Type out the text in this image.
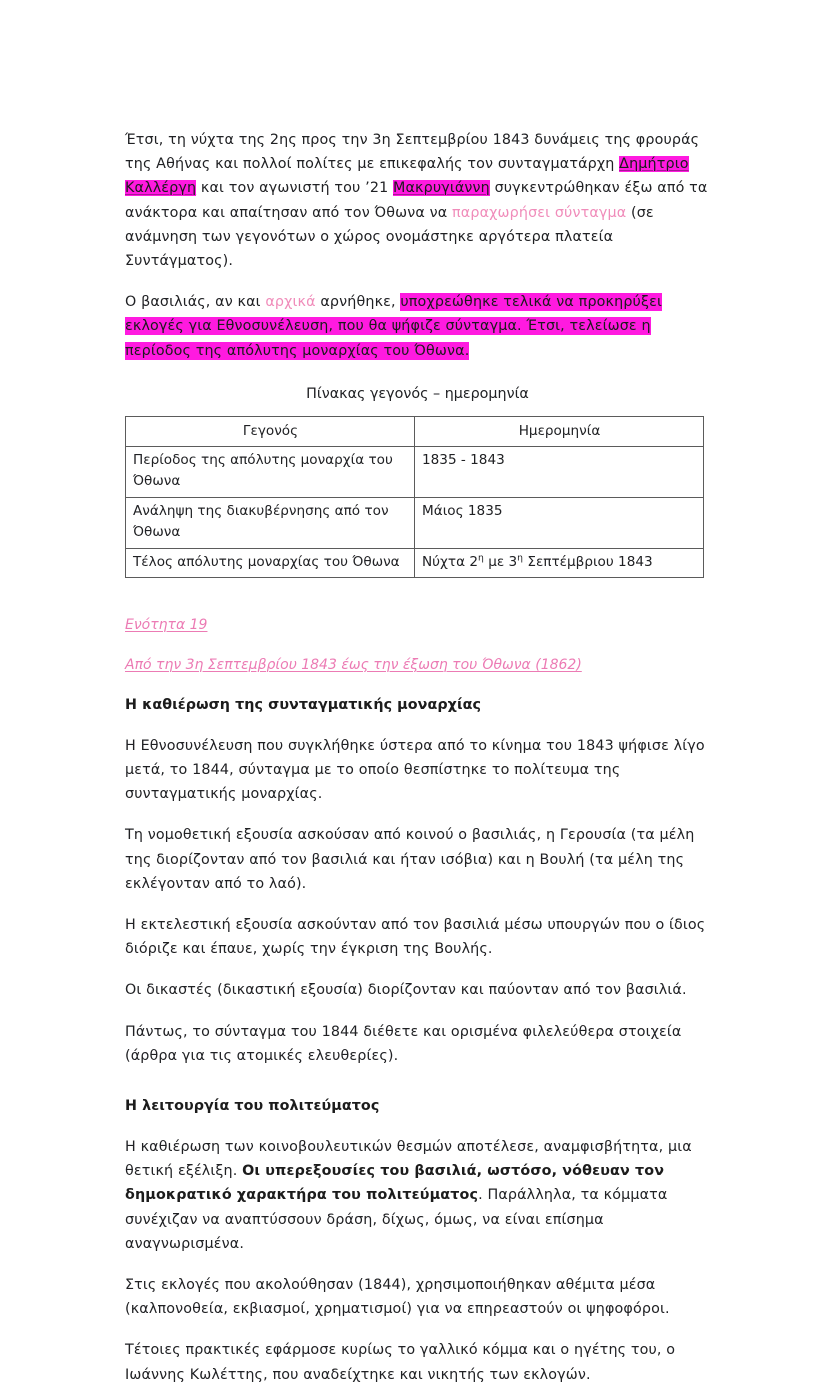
Έτσι, τη νύχτα της 2ης προς την 3η Σεπτεμβρίου 1843 δυνάμεις της φρουράς της Αθήνας και πολλοί πολίτες με επικεφαλής τον συνταγματάρχη Δημήτριο Καλλέργη και τον αγωνιστή του ’21 Μακρυγιάννη συγκεντρώθηκαν έξω από τα ανάκτορα και απαίτησαν από τον Όθωνα να παραχωρήσει σύνταγμα (σε ανάμνηση των γεγονότων ο χώρος ονομάστηκε αργότερα πλατεία Συντάγματος).

Ο βασιλιάς, αν και αρχικά αρνήθηκε, υποχρεώθηκε τελικά να προκηρύξει εκλογές για Εθνοσυνέλευση, που θα ψήφιζε σύνταγμα. Έτσι, τελείωσε η περίοδος της απόλυτης μοναρχίας του Όθωνα.

Πίνακας γεγονός – ημερομηνία
Γεγονός	Ημερομηνία
Περίοδος της απόλυτης μοναρχία του Όθωνα	1835 - 1843
Ανάληψη της διακυβέρνησης από τον Όθωνα	Μάιος 1835
Τέλος απόλυτης μοναρχίας του Όθωνα	Νύχτα $2^\eta$ με $3^\eta$ Σεπτέμβριου 1843
Ενότητα 19
Από την 3η Σεπτεμβρίου 1843 έως την έξωση του Όθωνα (1862)
Η καθιέρωση της συνταγματικής μοναρχίας

Η Εθνοσυνέλευση που συγκλήθηκε ύστερα από το κίνημα του 1843 ψήφισε λίγο μετά, το 1844, σύνταγμα με το οποίο θεσπίστηκε το πολίτευμα της συνταγματικής μοναρχίας.

Τη νομοθετική εξουσία ασκούσαν από κοινού ο βασιλιάς, η Γερουσία (τα μέλη της διορίζονταν από τον βασιλιά και ήταν ισόβια) και η Βουλή (τα μέλη της εκλέγονταν από το λαό).

Η εκτελεστική εξουσία ασκούνταν από τον βασιλιά μέσω υπουργών που ο ίδιος διόριζε και έπαυε, χωρίς την έγκριση της Βουλής.

Οι δικαστές (δικαστική εξουσία) διορίζονταν και παύονταν από τον βασιλιά.

Πάντως, το σύνταγμα του 1844 διέθετε και ορισμένα φιλελεύθερα στοιχεία (άρθρα για τις ατομικές ελευθερίες).

Η λειτουργία του πολιτεύματος

Η καθιέρωση των κοινοβουλευτικών θεσμών αποτέλεσε, αναμφισβήτητα, μια θετική εξέλιξη. Οι υπερεξουσίες του βασιλιά, ωστόσο, νόθευαν τον δημοκρατικό χαρακτήρα του πολιτεύματος. Παράλληλα, τα κόμματα συνέχιζαν να αναπτύσσουν δράση, δίχως, όμως, να είναι επίσημα αναγνωρισμένα.

Στις εκλογές που ακολούθησαν (1844), χρησιμοποιήθηκαν αθέμιτα μέσα (καλπονοθεία, εκβιασμοί, χρηματισμοί) για να επηρεαστούν οι ψηφοφόροι.

Τέτοιες πρακτικές εφάρμοσε κυρίως το γαλλικό κόμμα και ο ηγέτης του, ο Ιωάννης Κωλέττης, που αναδείχτηκε και νικητής των εκλογών.
